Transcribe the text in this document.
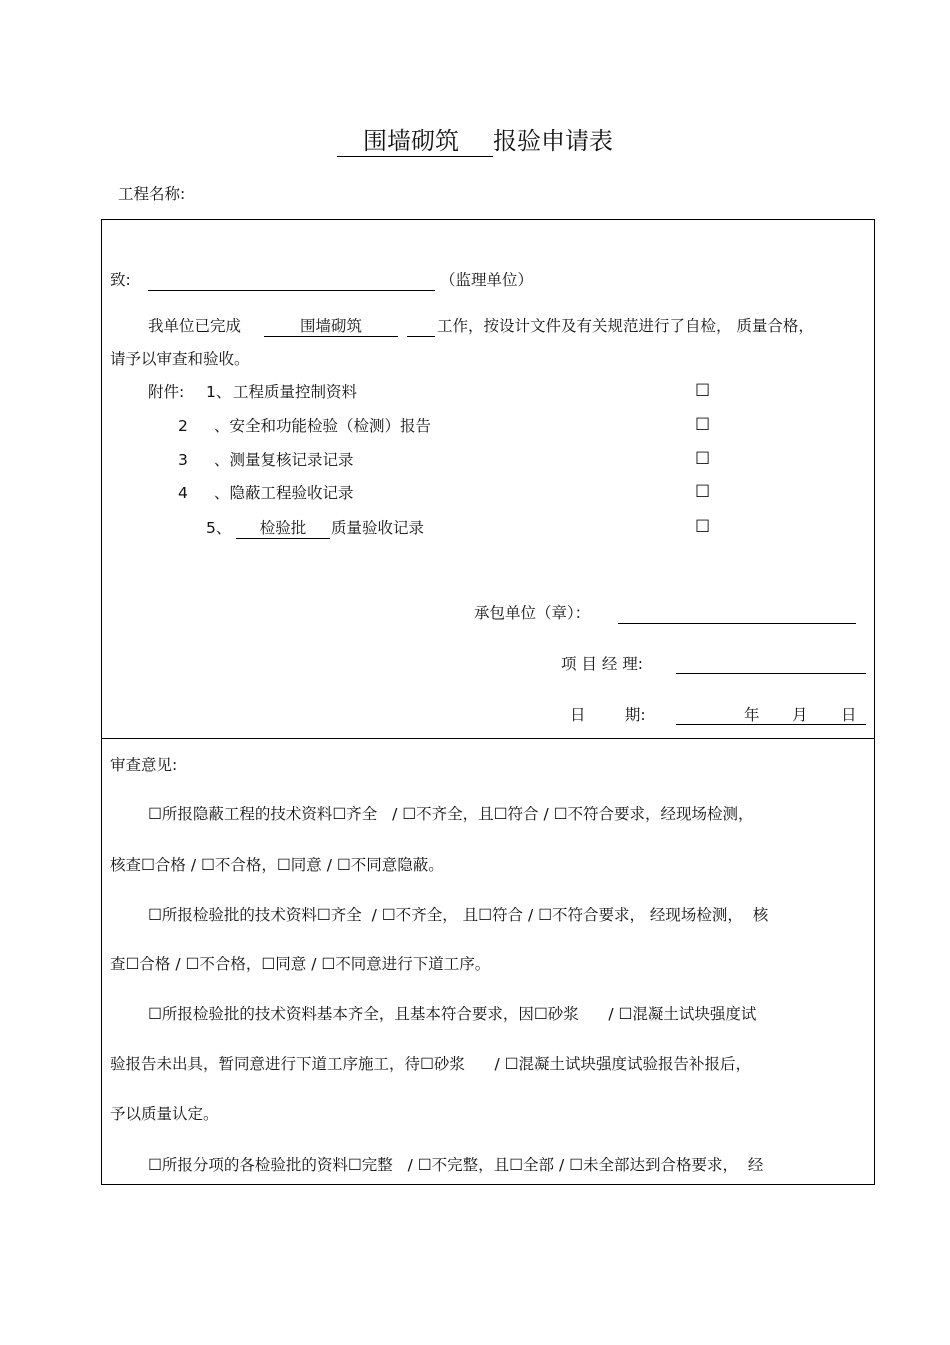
围墙砌筑 报验申请表
工程名称:
致:	（监理单位）
我单位已完成	围墙砌筑	工作，按设计文件及有关规范进行了自检， 质量合格，
请予以审查和验收。
附件: 1、 工程质量控制资料	☐
2 、安全和功能检验（检测）报告	☐
3 、测量复核记录记录	☐
4 、隐蔽工程验收记录	☐
5、	检验批	质量验收记录	☐
承包单位（章）：
项 目 经 理:
日        期:	年 月 日
审查意见:
☐所报隐蔽工程的技术资料☐齐全   / ☐不齐全，且☐符合 / ☐不符合要求，经现场检测，
核查☐合格 / ☐不合格，☐同意 / ☐不同意隐蔽。
☐所报检验批的技术资料☐齐全  / ☐不齐全， 且☐符合 / ☐不符合要求， 经现场检测，  核
查☐合格 / ☐不合格，☐同意 / ☐不同意进行下道工序。
☐所报检验批的技术资料基本齐全，且基本符合要求，因☐砂浆      / ☐混凝土试块强度试
验报告未出具，暂同意进行下道工序施工，待☐砂浆      / ☐混凝土试块强度试验报告补报后，
予以质量认定。
☐所报分项的各检验批的资料☐完整   / ☐不完整，且☐全部 / ☐未全部达到合格要求，  经
